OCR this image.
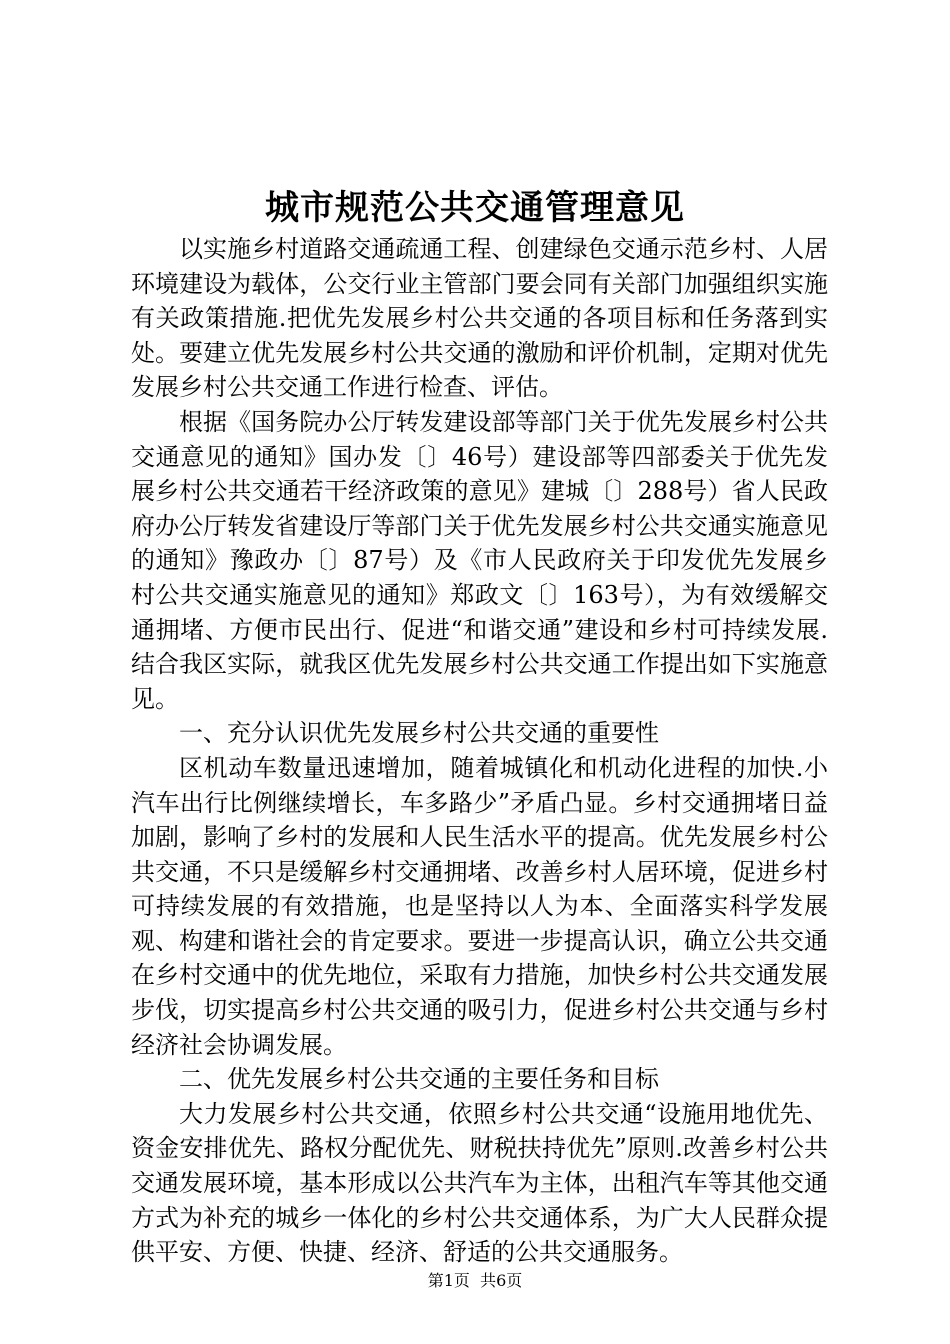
城市规范公共交通管理意见

以实施乡村道路交通疏通工程、创建绿色交通示范乡村、人居环境建设为载体，公交行业主管部门要会同有关部门加强组织实施有关政策措施.把优先发展乡村公共交通的各项目标和任务落到实处。要建立优先发展乡村公共交通的激励和评价机制，定期对优先发展乡村公共交通工作进行检查、评估。

根据《国务院办公厅转发建设部等部门关于优先发展乡村公共交通意见的通知》国办发〔〕46号）建设部等四部委关于优先发展乡村公共交通若干经济政策的意见》建城〔〕288号）省人民政府办公厅转发省建设厅等部门关于优先发展乡村公共交通实施意见的通知》豫政办〔〕87号）及《市人民政府关于印发优先发展乡村公共交通实施意见的通知》郑政文〔〕163号），为有效缓解交通拥堵、方便市民出行、促进“和谐交通”建设和乡村可持续发展.结合我区实际，就我区优先发展乡村公共交通工作提出如下实施意见。

一、充分认识优先发展乡村公共交通的重要性

区机动车数量迅速增加，随着城镇化和机动化进程的加快.小汽车出行比例继续增长，车多路少”矛盾凸显。乡村交通拥堵日益加剧，影响了乡村的发展和人民生活水平的提高。优先发展乡村公共交通，不只是缓解乡村交通拥堵、改善乡村人居环境，促进乡村可持续发展的有效措施，也是坚持以人为本、全面落实科学发展观、构建和谐社会的肯定要求。要进一步提高认识，确立公共交通在乡村交通中的优先地位，采取有力措施，加快乡村公共交通发展步伐，切实提高乡村公共交通的吸引力，促进乡村公共交通与乡村经济社会协调发展。

二、优先发展乡村公共交通的主要任务和目标

大力发展乡村公共交通，依照乡村公共交通“设施用地优先、资金安排优先、路权分配优先、财税扶持优先”原则.改善乡村公共交通发展环境，基本形成以公共汽车为主体，出租汽车等其他交通方式为补充的城乡一体化的乡村公共交通体系，为广大人民群众提供平安、方便、快捷、经济、舒适的公共交通服务。

第1页 共6页
